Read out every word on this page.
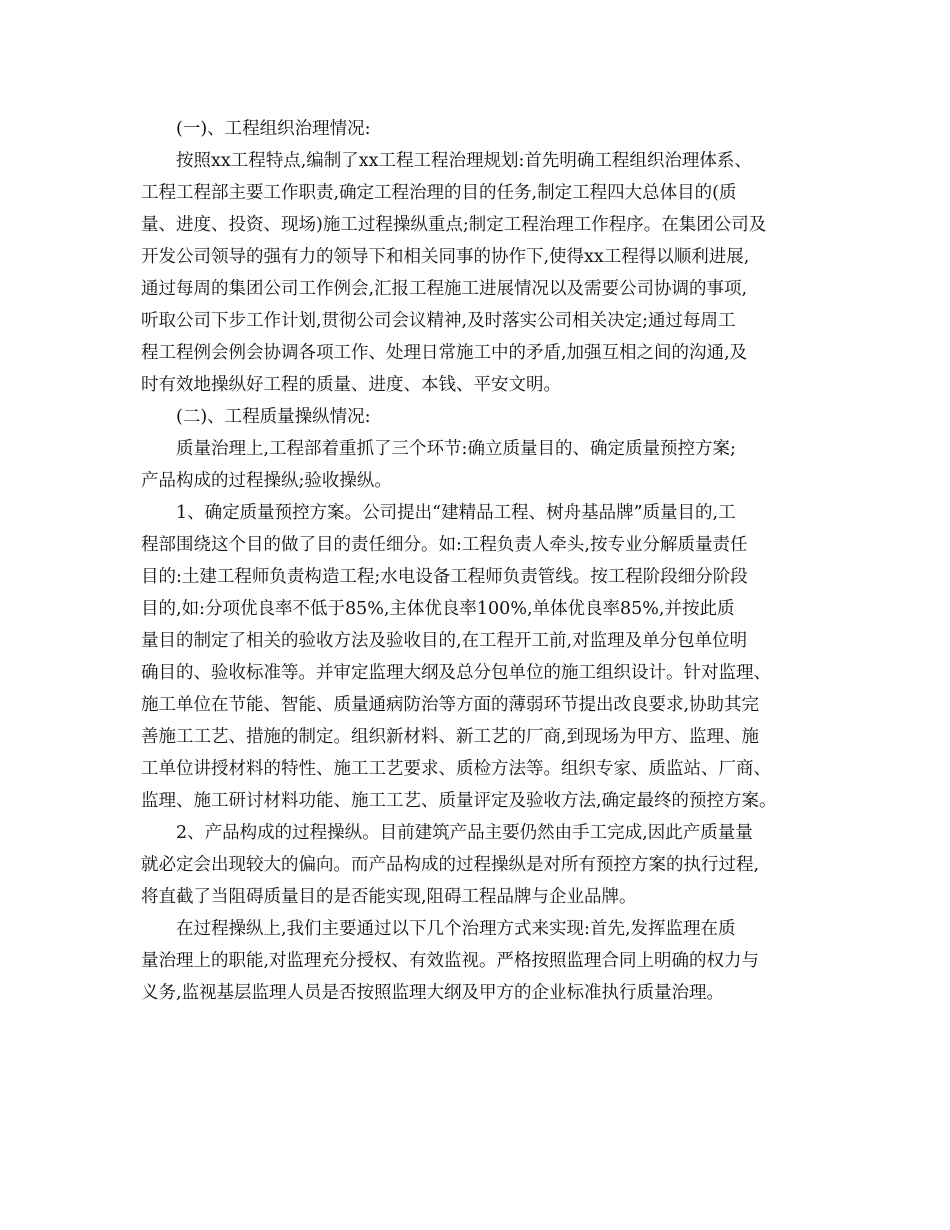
(一)、工程组织治理情况:
按照xx工程特点,编制了xx工程工程治理规划:首先明确工程组织治理体系、
工程工程部主要工作职责,确定工程治理的目的任务,制定工程四大总体目的(质
量、进度、投资、现场)施工过程操纵重点;制定工程治理工作程序。在集团公司及
开发公司领导的强有力的领导下和相关同事的协作下,使得xx工程得以顺利进展,
通过每周的集团公司工作例会,汇报工程施工进展情况以及需要公司协调的事项,
听取公司下步工作计划,贯彻公司会议精神,及时落实公司相关决定;通过每周工
程工程例会例会协调各项工作、处理日常施工中的矛盾,加强互相之间的沟通,及
时有效地操纵好工程的质量、进度、本钱、平安文明。
(二)、工程质量操纵情况:
质量治理上,工程部着重抓了三个环节:确立质量目的、确定质量预控方案;
产品构成的过程操纵;验收操纵。
1、确定质量预控方案。公司提出“建精品工程、树舟基品牌”质量目的,工
程部围绕这个目的做了目的责任细分。如:工程负责人牵头,按专业分解质量责任
目的:土建工程师负责构造工程;水电设备工程师负责管线。按工程阶段细分阶段
目的,如:分项优良率不低于85%,主体优良率100%,单体优良率85%,并按此质
量目的制定了相关的验收方法及验收目的,在工程开工前,对监理及单分包单位明
确目的、验收标准等。并审定监理大纲及总分包单位的施工组织设计。针对监理、
施工单位在节能、智能、质量通病防治等方面的薄弱环节提出改良要求,协助其完
善施工工艺、措施的制定。组织新材料、新工艺的厂商,到现场为甲方、监理、施
工单位讲授材料的特性、施工工艺要求、质检方法等。组织专家、质监站、厂商、
监理、施工研讨材料功能、施工工艺、质量评定及验收方法,确定最终的预控方案。
2、产品构成的过程操纵。目前建筑产品主要仍然由手工完成,因此产质量量
就必定会出现较大的偏向。而产品构成的过程操纵是对所有预控方案的执行过程,
将直截了当阻碍质量目的是否能实现,阻碍工程品牌与企业品牌。
在过程操纵上,我们主要通过以下几个治理方式来实现:首先,发挥监理在质
量治理上的职能,对监理充分授权、有效监视。严格按照监理合同上明确的权力与
义务,监视基层监理人员是否按照监理大纲及甲方的企业标准执行质量治理。
